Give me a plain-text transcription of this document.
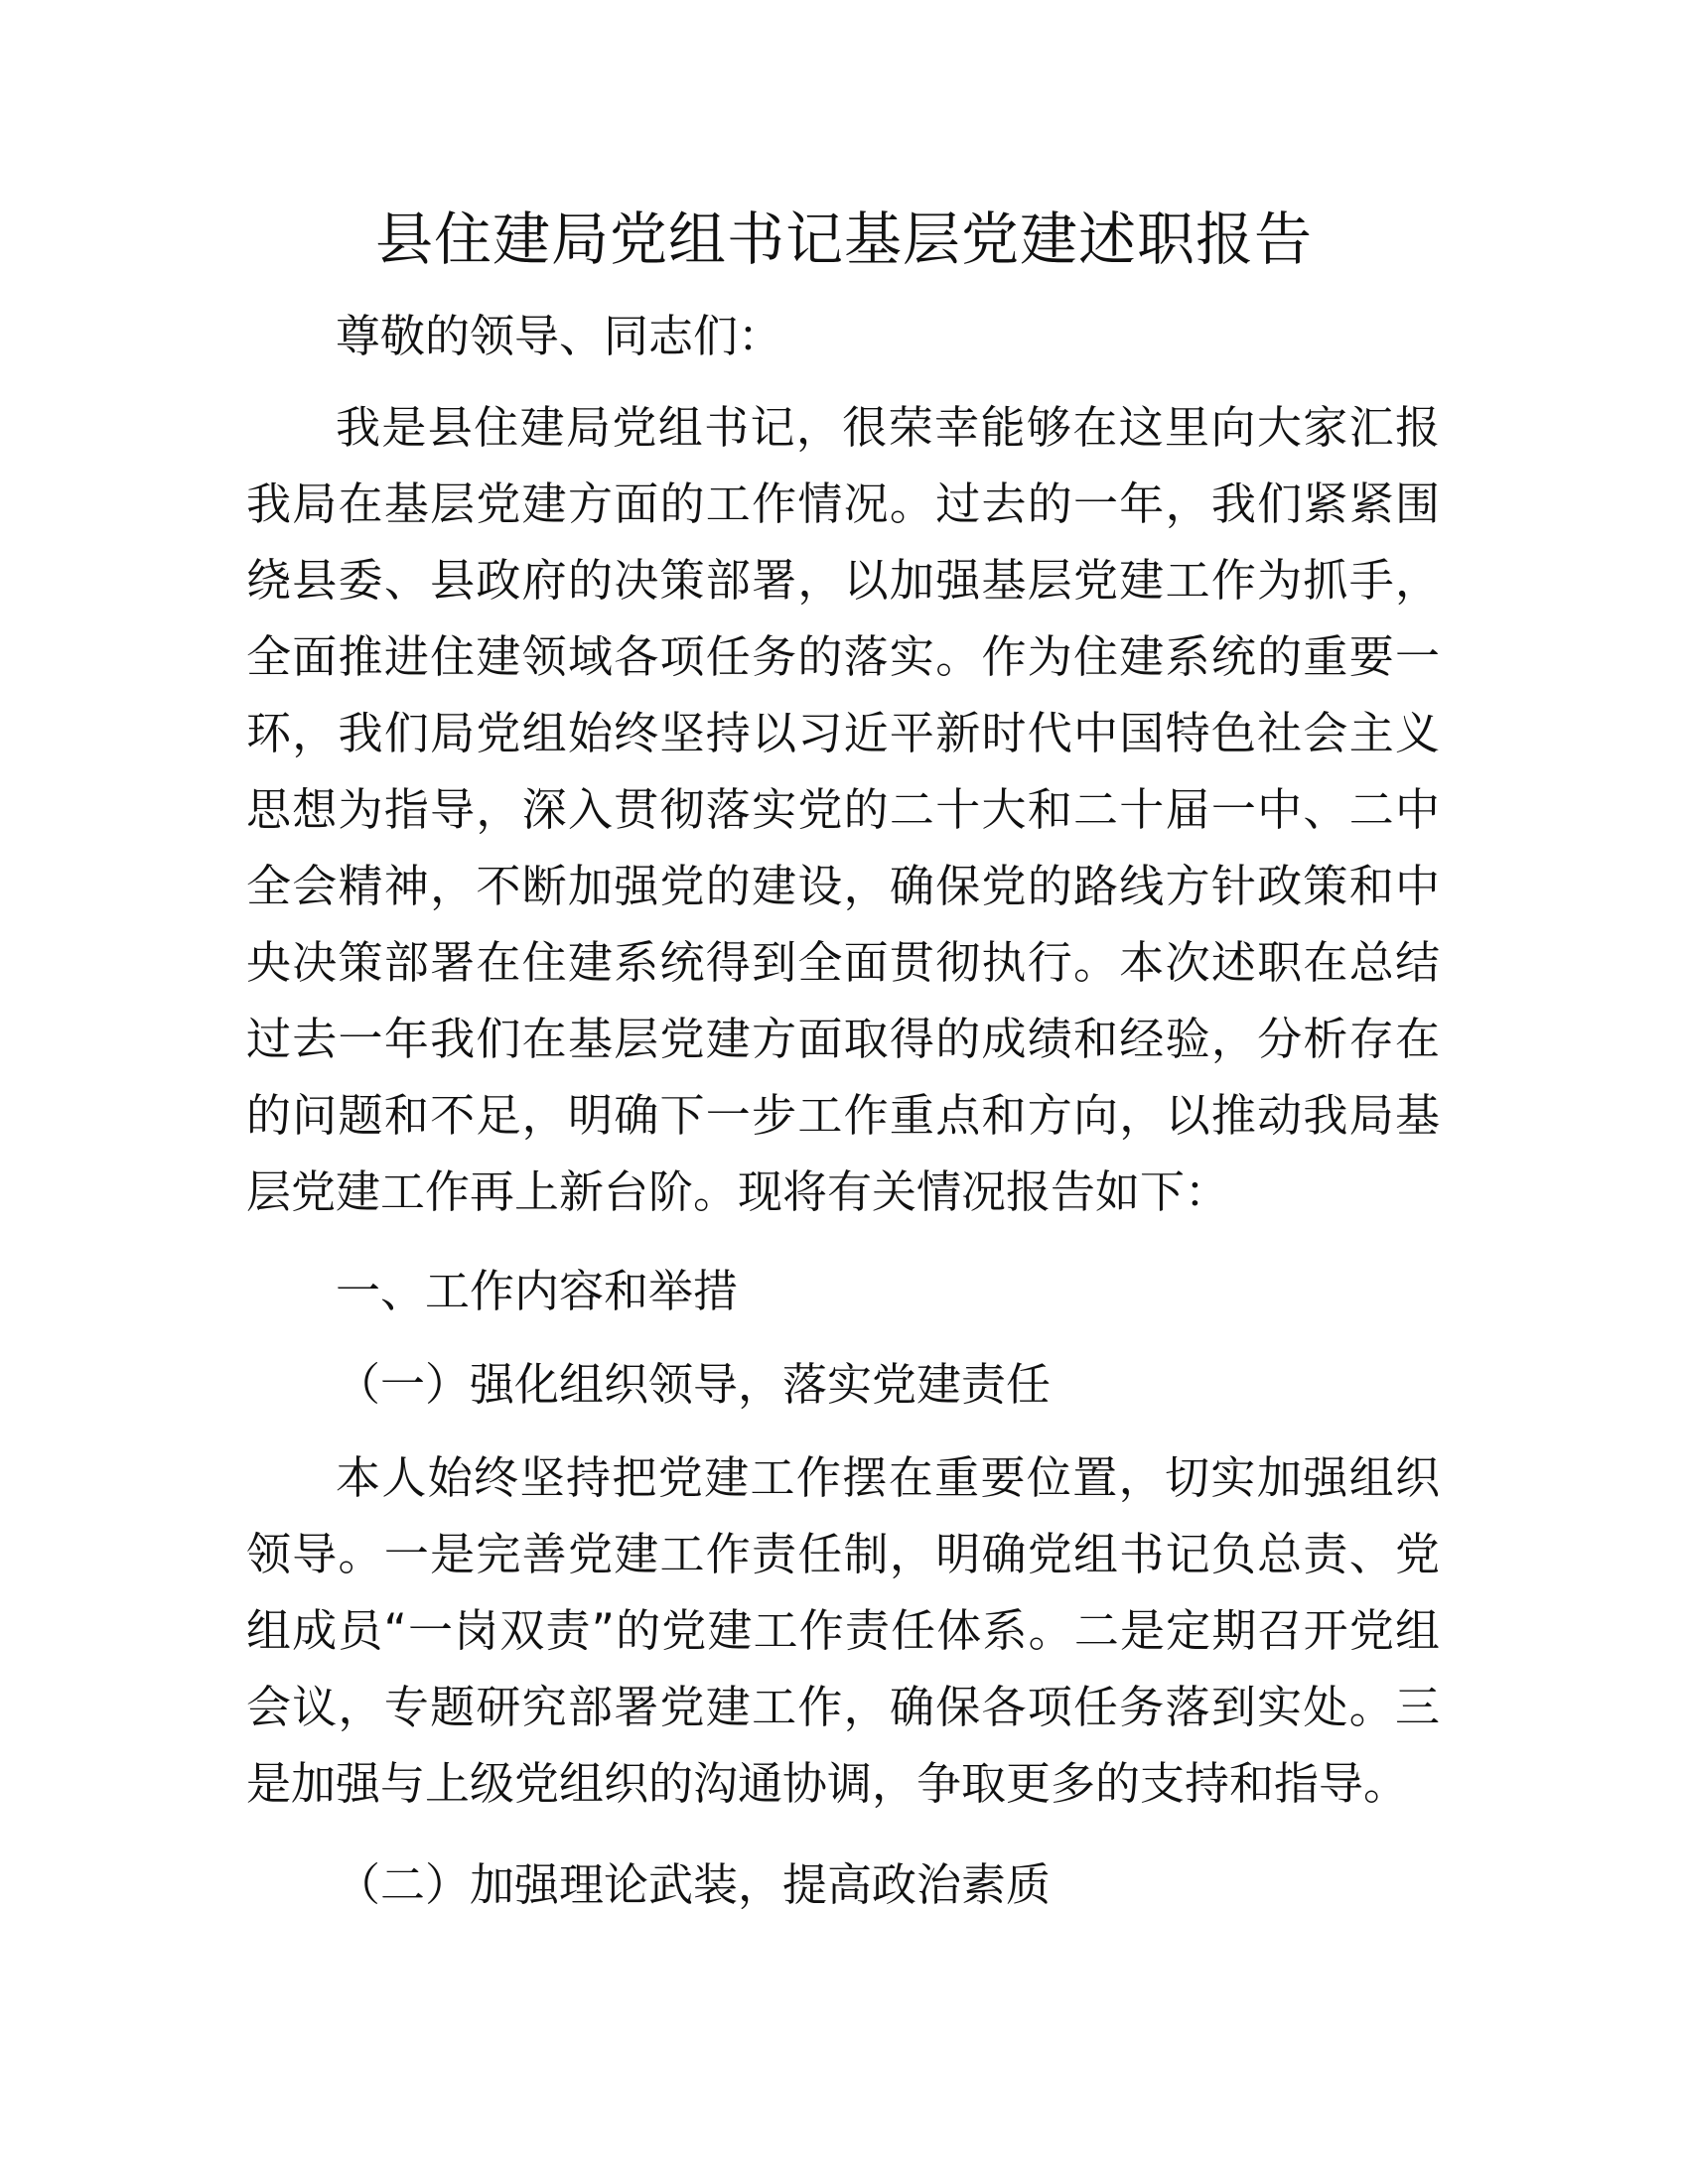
县住建局党组书记基层党建述职报告

尊敬的领导、同志们：

我是县住建局党组书记，很荣幸能够在这里向大家汇报我局在基层党建方面的工作情况。过去的一年，我们紧紧围绕县委、县政府的决策部署，以加强基层党建工作为抓手，全面推进住建领域各项任务的落实。作为住建系统的重要一环，我们局党组始终坚持以习近平新时代中国特色社会主义思想为指导，深入贯彻落实党的二十大和二十届一中、二中全会精神，不断加强党的建设，确保党的路线方针政策和中央决策部署在住建系统得到全面贯彻执行。本次述职在总结过去一年我们在基层党建方面取得的成绩和经验，分析存在的问题和不足，明确下一步工作重点和方向，以推动我局基层党建工作再上新台阶。现将有关情况报告如下：

一、工作内容和举措

（一）强化组织领导，落实党建责任

本人始终坚持把党建工作摆在重要位置，切实加强组织领导。一是完善党建工作责任制，明确党组书记负总责、党组成员“一岗双责”的党建工作责任体系。二是定期召开党组会议，专题研究部署党建工作，确保各项任务落到实处。三是加强与上级党组织的沟通协调，争取更多的支持和指导。

（二）加强理论武装，提高政治素质
